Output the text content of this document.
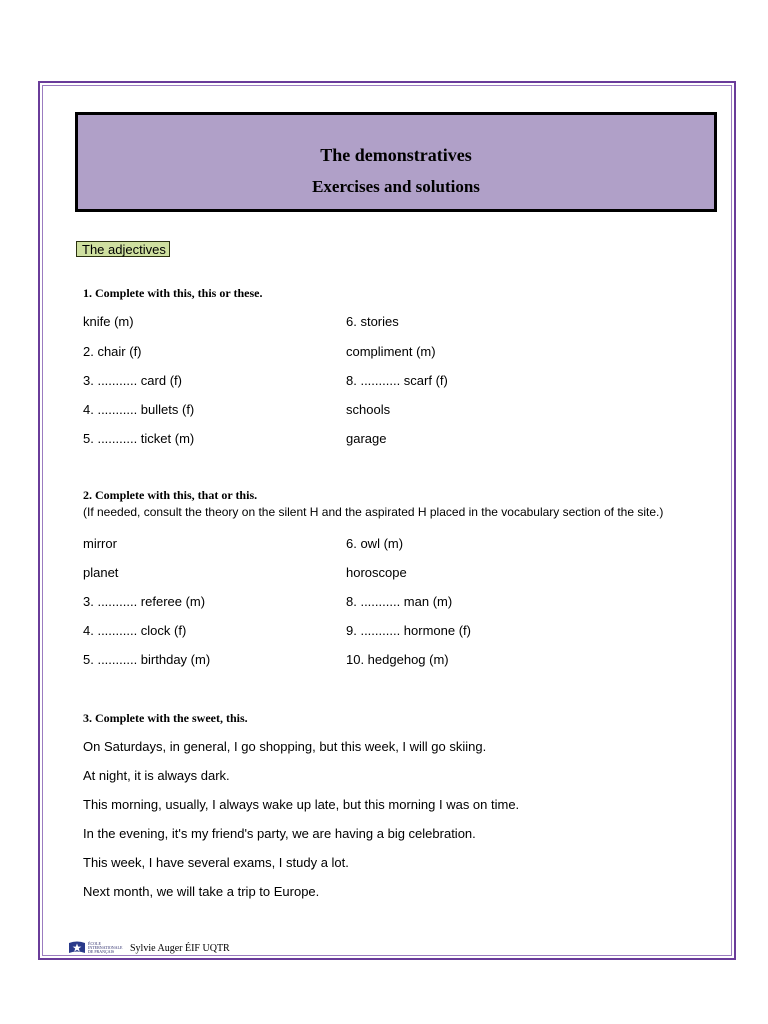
The demonstratives
Exercises and solutions
The adjectives
1. Complete with this, this or these.
knife (m)
2. chair (f)
3. ........... card (f)
4. ........... bullets (f)
5. ........... ticket (m)
6. stories
compliment (m)
8. ........... scarf (f)
schools
garage
2. Complete with this, that or this.
(If needed, consult the theory on the silent H and the aspirated H placed in the vocabulary section of the site.)
mirror
planet
3. ........... referee (m)
4. ........... clock (f)
5. ........... birthday (m)
6. owl (m)
horoscope
8. ........... man (m)
9. ........... hormone (f)
10. hedgehog (m)
3. Complete with the sweet, this.
On Saturdays, in general, I go shopping, but this week, I will go skiing.
At night, it is always dark.
This morning, usually, I always wake up late, but this morning I was on time.
In the evening, it's my friend's party, we are having a big celebration.
This week, I have several exams, I study a lot.
Next month, we will take a trip to Europe.
ÉCOLE
INTERNATIONALE
DE FRANÇAIS	Sylvie Auger ÉIF UQTR
